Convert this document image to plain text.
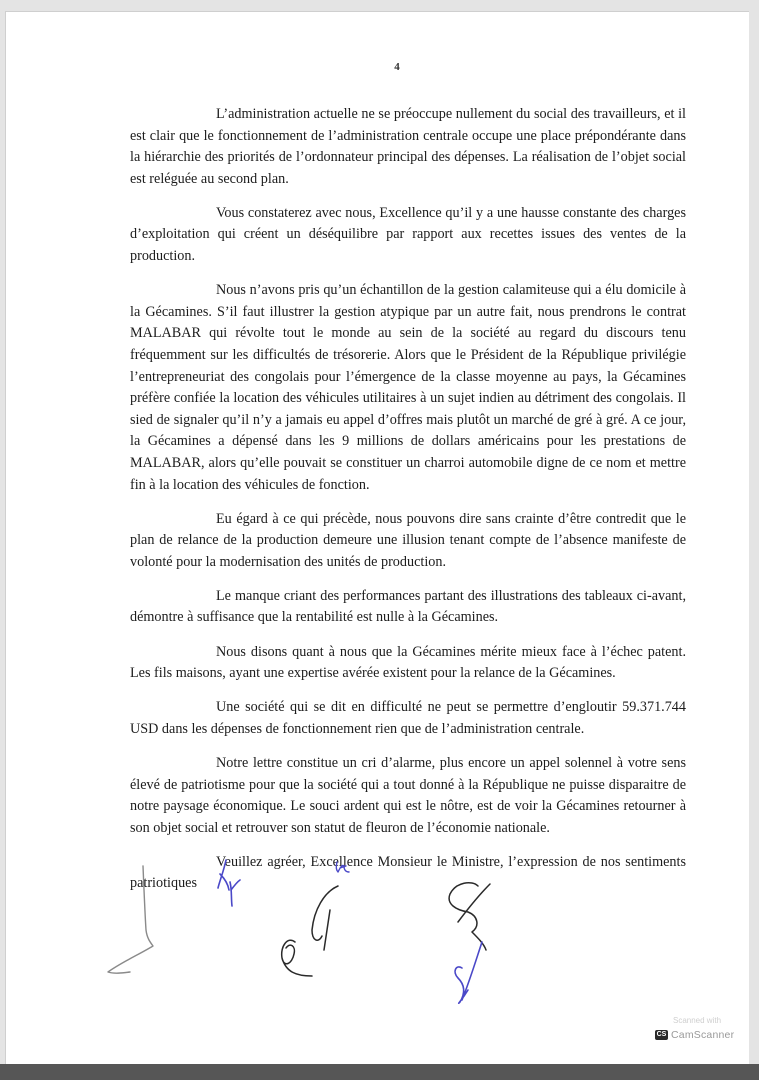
4

L’administration actuelle ne se préoccupe nullement du social des travailleurs, et il est clair que le fonctionnement de l’administration centrale occupe une place prépondérante dans la hiérarchie des priorités de l’ordonnateur principal des dépenses. La réalisation de l’objet social est reléguée au second plan.

Vous constaterez avec nous, Excellence qu’il y a une hausse constante des charges d’exploitation qui créent un déséquilibre par rapport aux recettes issues des ventes de la production.

Nous n’avons pris qu’un échantillon de la gestion calamiteuse qui a élu domicile à la Gécamines. S’il faut illustrer la gestion atypique par un autre fait, nous prendrons le contrat MALABAR qui révolte tout le monde au sein de la société au regard du discours tenu fréquemment sur les difficultés de trésorerie. Alors que le Président de la République privilégie l’entrepreneuriat des congolais pour l’émergence de la classe moyenne au pays, la Gécamines préfère confiée la location des véhicules utilitaires à un sujet indien au détriment des congolais. Il sied de signaler qu’il n’y a jamais eu appel d’offres mais plutôt un marché de gré à gré. A ce jour, la Gécamines a dépensé dans les 9 millions de dollars américains pour les prestations de MALABAR, alors qu’elle pouvait se constituer un charroi automobile digne de ce nom et mettre fin à la location des véhicules de fonction.

Eu égard à ce qui précède, nous pouvons dire sans crainte d’être contredit que le plan de relance de la production demeure une illusion tenant compte de l’absence manifeste de volonté pour la modernisation des unités de production.

Le manque criant des performances partant des illustrations des tableaux ci-avant, démontre à suffisance que la rentabilité est nulle à la Gécamines.

Nous disons quant à nous que la Gécamines mérite mieux face à l’échec patent. Les fils maisons, ayant une expertise avérée existent pour la relance de la Gécamines.

Une société qui se dit en difficulté ne peut se permettre d’engloutir 59.371.744 USD dans les dépenses de fonctionnement rien que de l’administration centrale.

Notre lettre constitue un cri d’alarme, plus encore un appel solennel à votre sens élevé de patriotisme pour que la société qui a tout donné à la République ne puisse disparaitre de notre paysage économique. Le souci ardent qui est le nôtre, est de voir la Gécamines retourner à son objet social et retrouver son statut de fleuron de l’économie nationale.

Veuillez agréer, Excellence Monsieur le Ministre, l’expression de nos sentiments patriotiques

Scanned with
CS CamScanner
